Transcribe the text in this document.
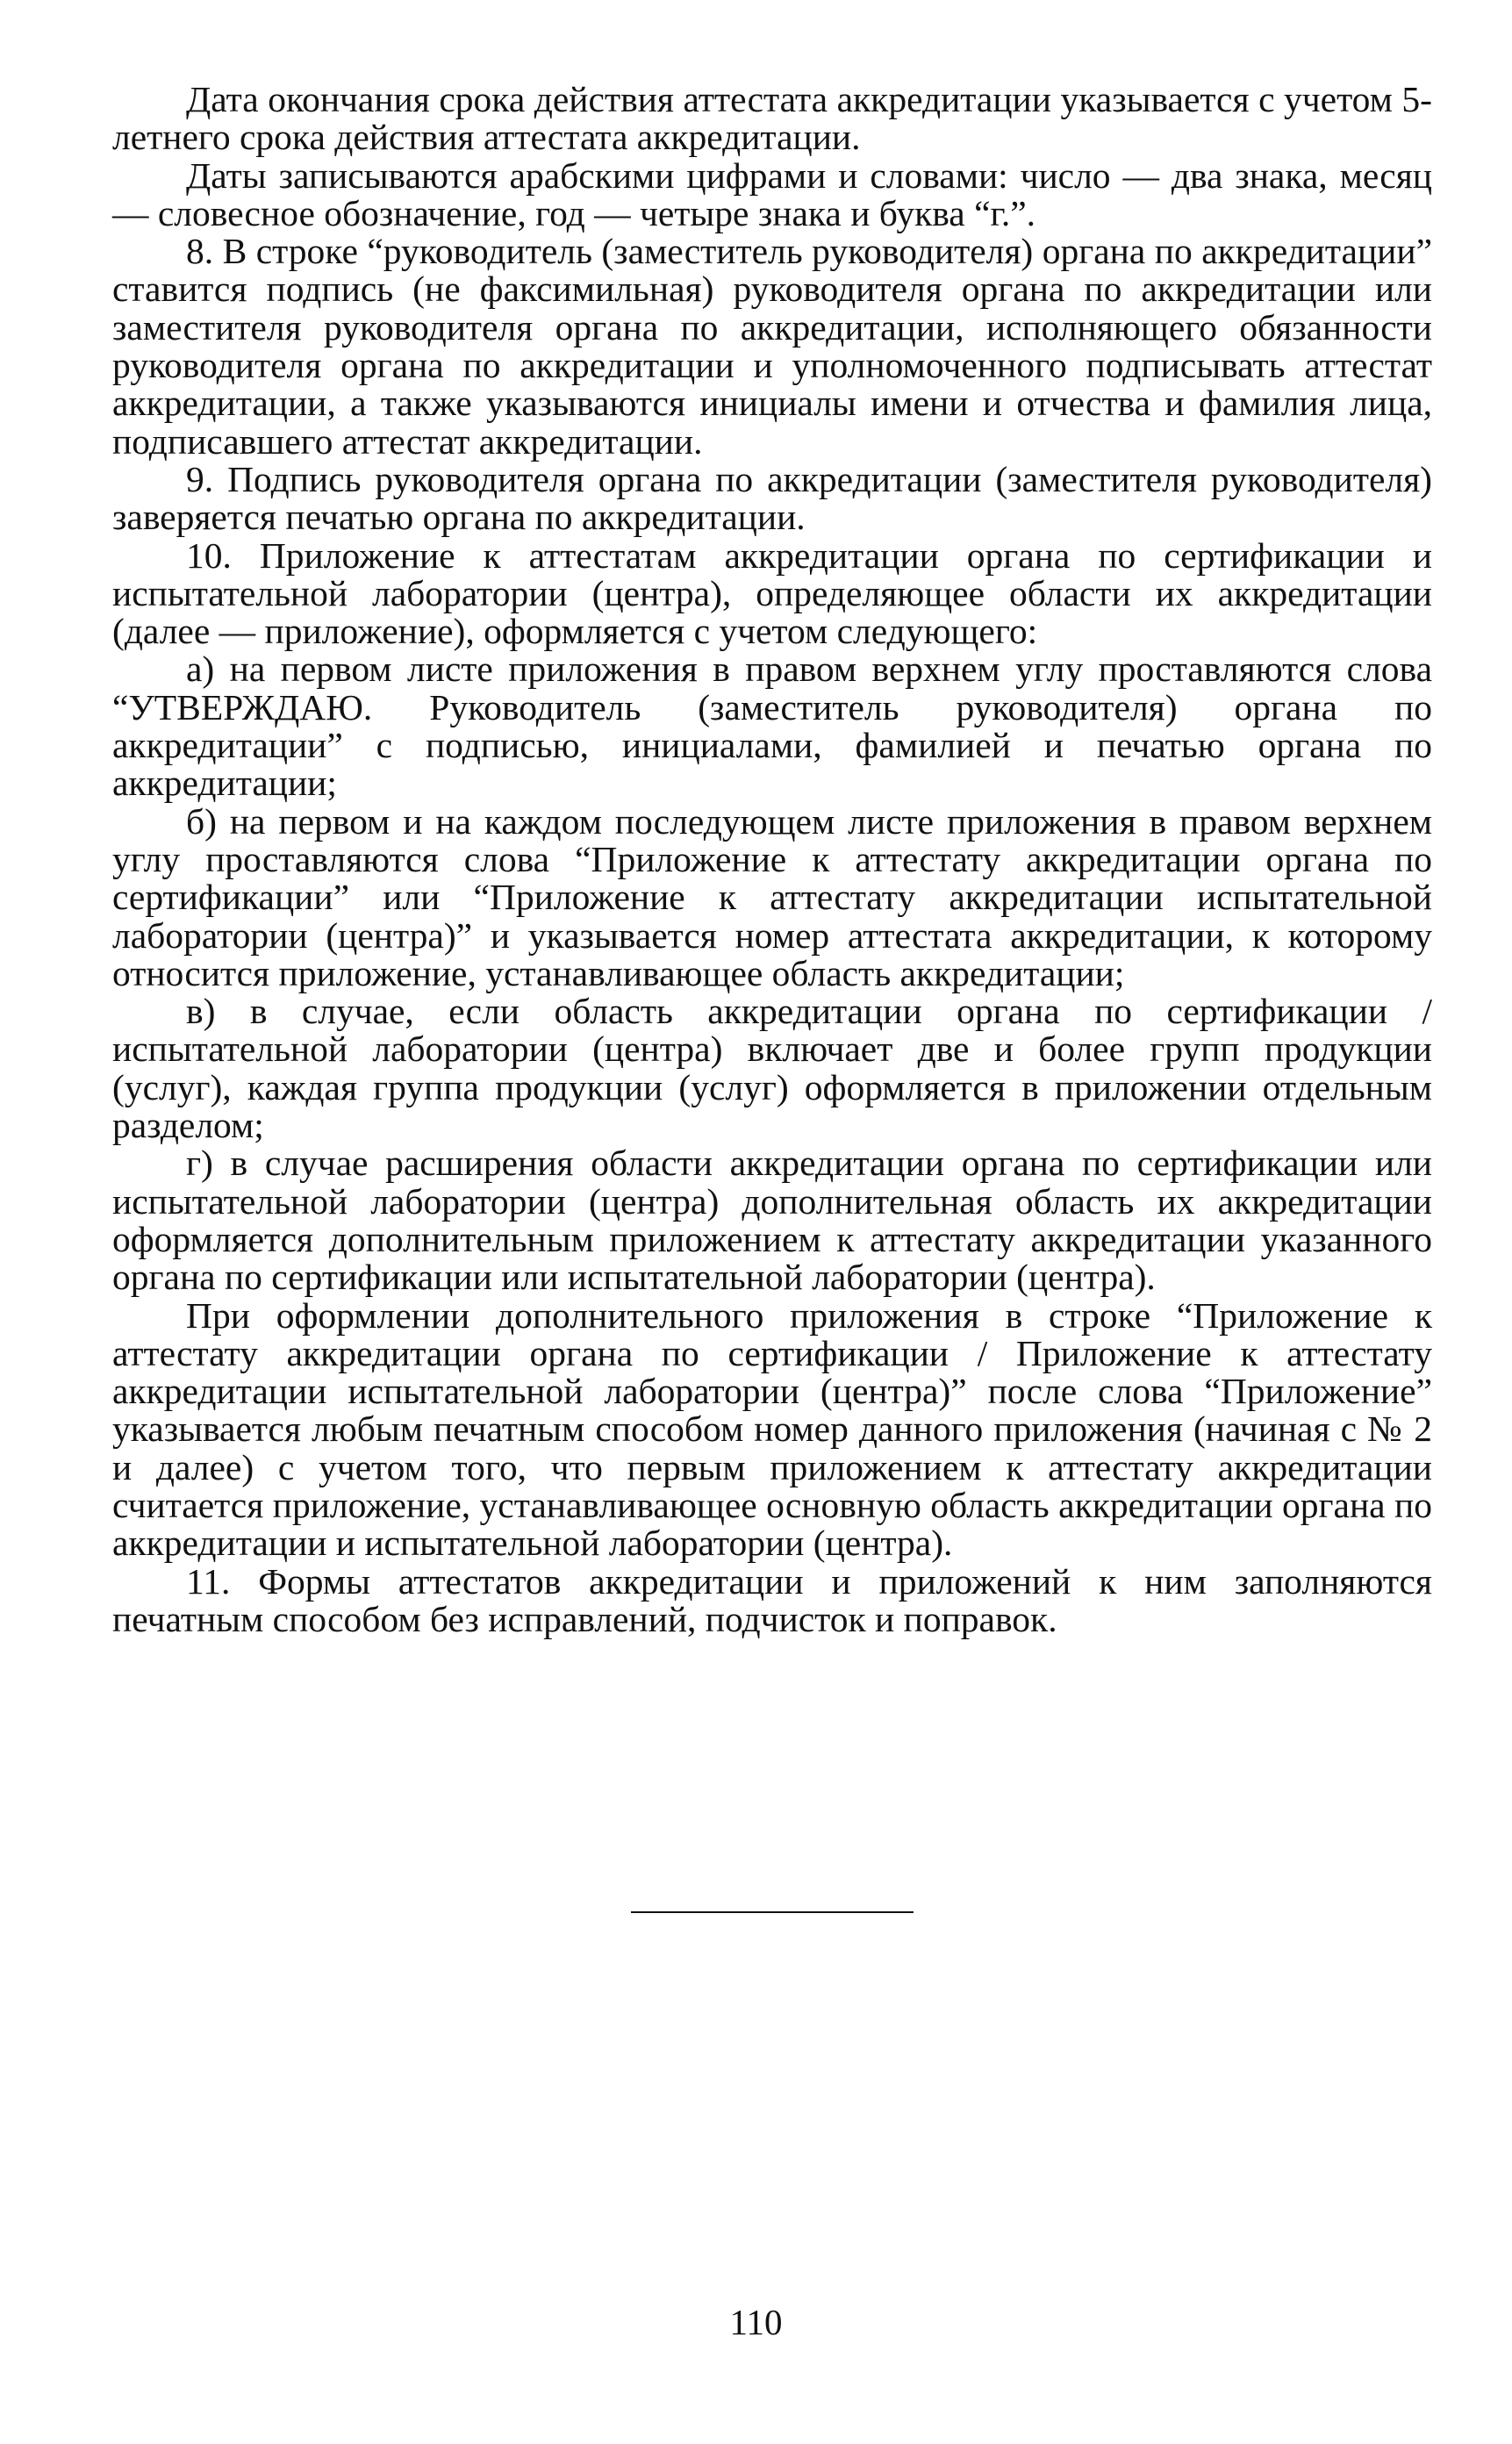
Дата окончания срока действия аттестата аккредитации указывается с учетом 5-летнего срока действия аттестата аккредитации.

Даты записываются арабскими цифрами и словами: число — два знака, месяц — словесное обозначение, год — четыре знака и буква “г.”.

8. В строке “руководитель (заместитель руководителя) органа по аккредитации” ставится подпись (не факсимильная) руководителя органа по аккредитации или заместителя руководителя органа по аккредитации, исполняющего обязанности руководителя органа по аккредитации и уполномоченного подписывать аттестат аккредитации, а также указываются инициалы имени и отчества и фамилия лица, подписавшего аттестат аккредитации.

9. Подпись руководителя органа по аккредитации (заместителя руководителя) заверяется печатью органа по аккредитации.

10. Приложение к аттестатам аккредитации органа по сертификации и испытательной лаборатории (центра), определяющее области их аккредитации (далее — приложение), оформляется с учетом следующего:

а) на первом листе приложения в правом верхнем углу проставляются слова “УТВЕРЖДАЮ. Руководитель (заместитель руководителя) органа по аккредитации” с подписью, инициалами, фамилией и печатью органа по аккредитации;

б) на первом и на каждом последующем листе приложения в правом верхнем углу проставляются слова “Приложение к аттестату аккредитации органа по сертификации” или “Приложение к аттестату аккредитации испытательной лаборатории (центра)” и указывается номер аттестата аккредитации, к которому относится приложение, устанавливающее область аккредитации;

в) в случае, если область аккредитации органа по сертификации / испытательной лаборатории (центра) включает две и более групп продукции (услуг), каждая группа продукции (услуг) оформляется в приложении отдельным разделом;

г) в случае расширения области аккредитации органа по сертификации или испытательной лаборатории (центра) дополнительная область их аккредитации оформляется дополнительным приложением к аттестату аккредитации указанного органа по сертификации или испытательной лаборатории (центра).

При оформлении дополнительного приложения в строке “Приложение к аттестату аккредитации органа по сертификации / Приложение к аттестату аккредитации испытательной лаборатории (центра)” после слова “Приложение” указывается любым печатным способом номер данного приложения (начиная с № 2 и далее) с учетом того, что первым приложением к аттестату аккредитации считается приложение, устанавливающее основную область аккредитации органа по аккредитации и испытательной лаборатории (центра).

11. Формы аттестатов аккредитации и приложений к ним заполняются печатным способом без исправлений, подчисток и поправок.

110
